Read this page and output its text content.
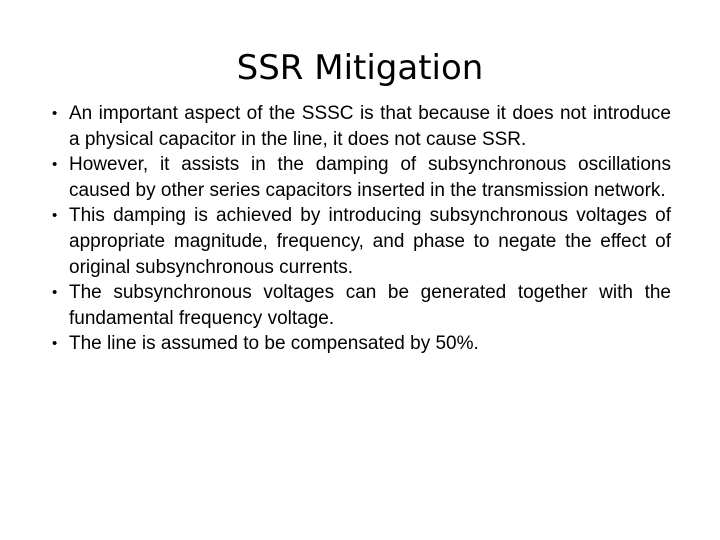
SSR Mitigation
• An important aspect of the SSSC is that because it does not introduce a physical capacitor in the line, it does not cause SSR.
• However, it assists in the damping of subsynchronous oscillations caused by other series capacitors inserted in the transmission network.
• This damping is achieved by introducing subsynchronous voltages of appropriate magnitude, frequency, and phase to negate the effect of original subsynchronous currents.
• The subsynchronous voltages can be generated together with the fundamental frequency voltage.
• The line is assumed to be compensated by 50%.
